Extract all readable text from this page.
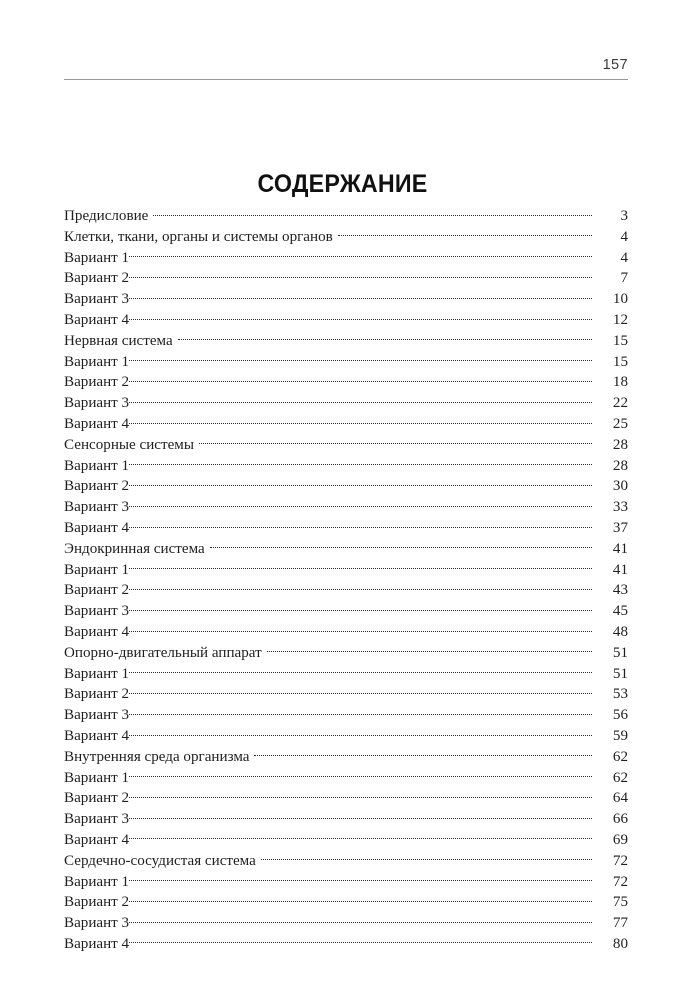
157
СОДЕРЖАНИЕ
Предисловие	3
Клетки, ткани, органы и системы органов	4
Вариант 1	4
Вариант 2	7
Вариант 3	10
Вариант 4	12
Нервная система	15
Вариант 1	15
Вариант 2	18
Вариант 3	22
Вариант 4	25
Сенсорные системы	28
Вариант 1	28
Вариант 2	30
Вариант 3	33
Вариант 4	37
Эндокринная система	41
Вариант 1	41
Вариант 2	43
Вариант 3	45
Вариант 4	48
Опорно-двигательный аппарат	51
Вариант 1	51
Вариант 2	53
Вариант 3	56
Вариант 4	59
Внутренняя среда организма	62
Вариант 1	62
Вариант 2	64
Вариант 3	66
Вариант 4	69
Сердечно-сосудистая система	72
Вариант 1	72
Вариант 2	75
Вариант 3	77
Вариант 4	80
